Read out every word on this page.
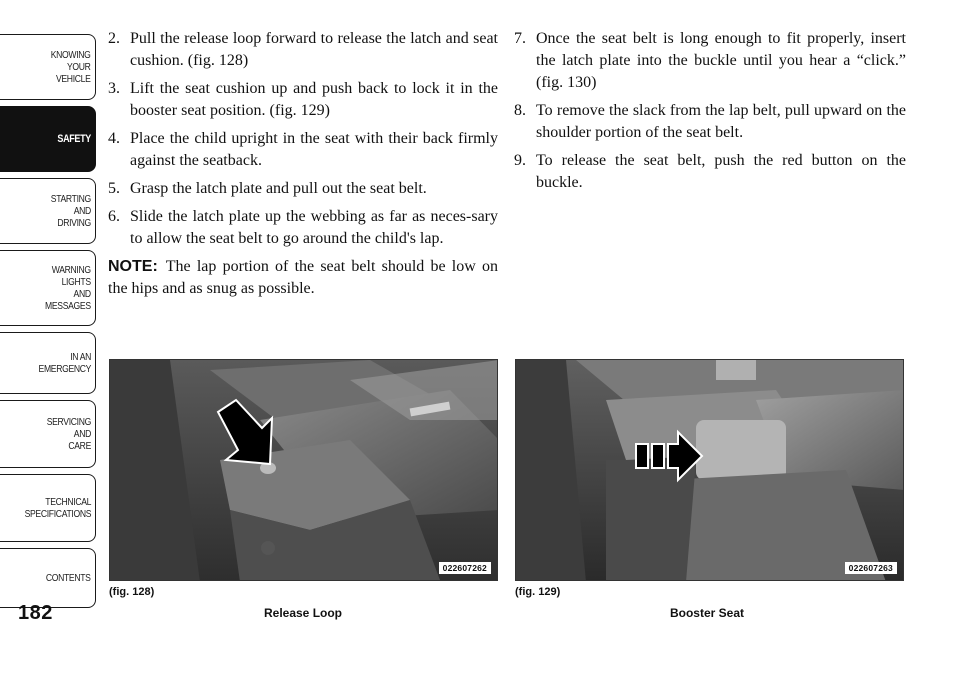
KNOWING
YOUR
VEHICLE
SAFETY
STARTING
AND
DRIVING
WARNING
LIGHTS
AND
MESSAGES
IN AN
EMERGENCY
SERVICING
AND
CARE
TECHNICAL
SPECIFICATIONS
CONTENTS
182
2. Pull the release loop forward to release the latch and seat cushion. (fig. 128)
3. Lift the seat cushion up and push back to lock it in the booster seat position. (fig. 129)
4. Place the child upright in the seat with their back firmly against the seatback.
5. Grasp the latch plate and pull out the seat belt.
6. Slide the latch plate up the webbing as far as neces-sary to allow the seat belt to go around the child's lap.
NOTE: The lap portion of the seat belt should be low on the hips and as snug as possible.
7. Once the seat belt is long enough to fit properly, insert the latch plate into the buckle until you hear a “click.” (fig. 130)
8. To remove the slack from the lap belt, pull upward on the shoulder portion of the seat belt.
9. To release the seat belt, push the red button on the buckle.
022607262	022607263
(fig. 128)
Release Loop
(fig. 129)
Booster Seat
